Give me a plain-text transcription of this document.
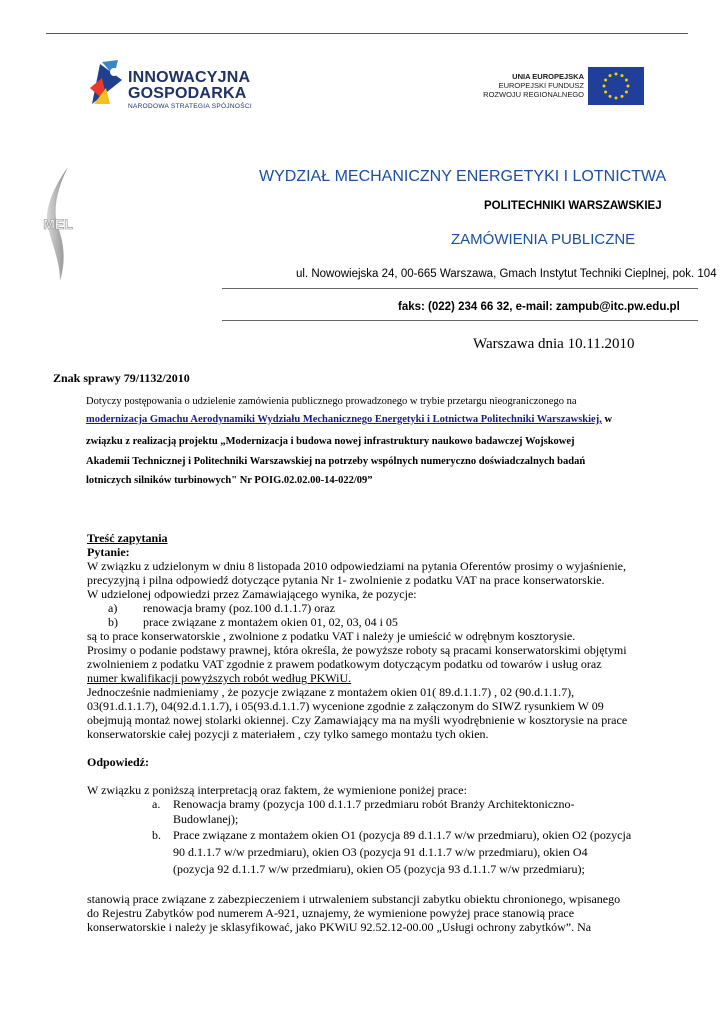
INNOWACYJNA
GOSPODARKA
NARODOWA STRATEGIA SPÓJNOŚCI
UNIA EUROPEJSKA
EUROPEJSKI FUNDUSZ
ROZWOJU REGIONALNEGO
MEL
WYDZIAŁ MECHANICZNY ENERGETYKI I LOTNICTWA
POLITECHNIKI WARSZAWSKIEJ
ZAMÓWIENIA PUBLICZNE
ul. Nowowiejska 24, 00-665 Warszawa, Gmach Instytut Techniki Cieplnej, pok. 104
faks: (022) 234 66 32, e-mail: zampub@itc.pw.edu.pl
Warszawa dnia 10.11.2010
Znak sprawy 79/1132/2010
Dotyczy postępowania o udzielenie zamówienia publicznego prowadzonego w trybie przetargu nieograniczonego na
modernizacja Gmachu Aerodynamiki Wydziału Mechanicznego Energetyki i Lotnictwa Politechniki Warszawskiej, w
związku z realizacją projektu „Modernizacja i budowa nowej infrastruktury naukowo badawczej Wojskowej
Akademii Technicznej i Politechniki Warszawskiej na potrzeby wspólnych numeryczno doświadczalnych badań
lotniczych silników turbinowych" Nr POIG.02.02.00-14-022/09”
Treść zapytania
Pytanie:
W związku z udzielonym w dniu 8 listopada 2010 odpowiedziami na pytania Oferentów prosimy o wyjaśnienie,
precyzyjną i pilna odpowiedź dotyczące pytania Nr 1- zwolnienie z podatku VAT na prace konserwatorskie.
W udzielonej odpowiedzi przez Zamawiającego wynika, że pozycje:
a) renowacja bramy (poz.100 d.1.1.7) oraz
b) prace związane z montażem okien 01, 02, 03, 04 i 05
są to prace konserwatorskie , zwolnione z podatku VAT i należy je umieścić w odrębnym kosztorysie.
Prosimy o podanie podstawy prawnej, która określa, że powyższe roboty są pracami konserwatorskimi objętymi
zwolnieniem z podatku VAT zgodnie z prawem podatkowym dotyczącym podatku od towarów i usług oraz
numer kwalifikacji powyższych robót według PKWiU.
Jednocześnie nadmieniamy , że pozycje związane z montażem okien 01( 89.d.1.1.7) , 02 (90.d.1.1.7),
03(91.d.1.1.7), 04(92.d.1.1.7), i 05(93.d.1.1.7) wycenione zgodnie z załączonym do SIWZ rysunkiem W 09
obejmują montaż nowej stolarki okiennej. Czy Zamawiający ma na myśli wyodrębnienie w kosztorysie na prace
konserwatorskie całej pozycji z materiałem , czy tylko samego montażu tych okien.
Odpowiedź:
W związku z poniższą interpretacją oraz faktem, że wymienione poniżej prace:
a. Renowacja bramy (pozycja 100 d.1.1.7 przedmiaru robót Branży Architektoniczno-
Budowlanej);
b. Prace związane z montażem okien O1 (pozycja 89 d.1.1.7 w/w przedmiaru), okien O2 (pozycja
90 d.1.1.7 w/w przedmiaru), okien O3 (pozycja 91 d.1.1.7 w/w przedmiaru), okien O4
(pozycja 92 d.1.1.7 w/w przedmiaru), okien O5 (pozycja 93 d.1.1.7 w/w przedmiaru);
stanowią prace związane z zabezpieczeniem i utrwaleniem substancji zabytku obiektu chronionego, wpisanego
do Rejestru Zabytków pod numerem A-921, uznajemy, że wymienione powyżej prace stanowią prace
konserwatorskie i należy je sklasyfikować, jako PKWiU 92.52.12-00.00 „Usługi ochrony zabytków”. Na
